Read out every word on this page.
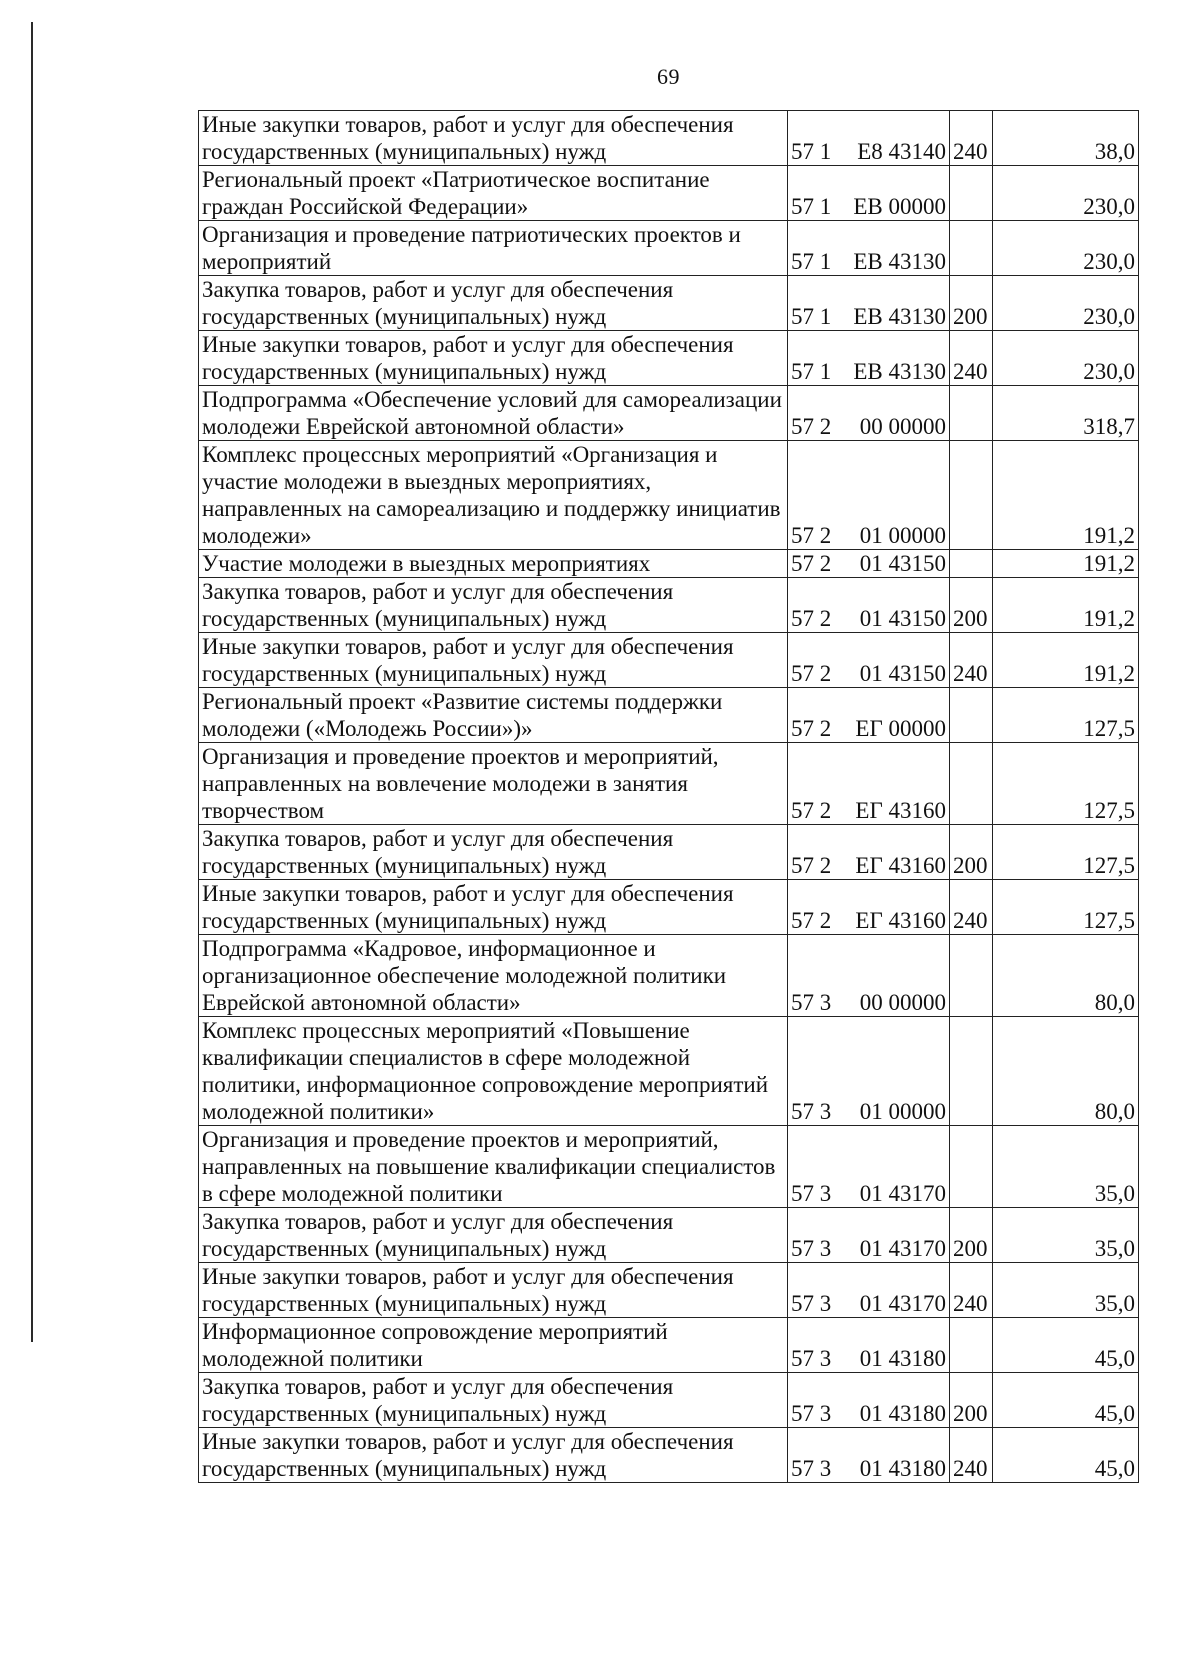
69
Иные закупки товаров, работ и услуг для обеспечения государственных (муниципальных) нужд	57 1 Е8 43140	240	38,0
Региональный проект «Патриотическое воспитание граждан Российской Федерации»	57 1 ЕВ 00000		230,0
Организация и проведение патриотических проектов и мероприятий	57 1 ЕВ 43130		230,0
Закупка товаров, работ и услуг для обеспечения государственных (муниципальных) нужд	57 1 ЕВ 43130	200	230,0
Иные закупки товаров, работ и услуг для обеспечения государственных (муниципальных) нужд	57 1 ЕВ 43130	240	230,0
Подпрограмма «Обеспечение условий для самореализации молодежи Еврейской автономной области»	57 2 00 00000		318,7
Комплекс процессных мероприятий «Организация и участие молодежи в выездных мероприятиях, направленных на самореализацию и поддержку инициатив молодежи»	57 2 01 00000		191,2
Участие молодежи в выездных мероприятиях	57 2 01 43150		191,2
Закупка товаров, работ и услуг для обеспечения государственных (муниципальных) нужд	57 2 01 43150	200	191,2
Иные закупки товаров, работ и услуг для обеспечения государственных (муниципальных) нужд	57 2 01 43150	240	191,2
Региональный проект «Развитие системы поддержки молодежи («Молодежь России»)»	57 2 ЕГ 00000		127,5
Организация и проведение проектов и мероприятий, направленных на вовлечение молодежи в занятия творчеством	57 2 ЕГ 43160		127,5
Закупка товаров, работ и услуг для обеспечения государственных (муниципальных) нужд	57 2 ЕГ 43160	200	127,5
Иные закупки товаров, работ и услуг для обеспечения государственных (муниципальных) нужд	57 2 ЕГ 43160	240	127,5
Подпрограмма «Кадровое, информационное и организационное обеспечение молодежной политики Еврейской автономной области»	57 3 00 00000		80,0
Комплекс процессных мероприятий «Повышение квалификации специалистов в сфере молодежной политики, информационное сопровождение мероприятий молодежной политики»	57 3 01 00000		80,0
Организация и проведение проектов и мероприятий, направленных на повышение квалификации специалистов в сфере молодежной политики	57 3 01 43170		35,0
Закупка товаров, работ и услуг для обеспечения государственных (муниципальных) нужд	57 3 01 43170	200	35,0
Иные закупки товаров, работ и услуг для обеспечения государственных (муниципальных) нужд	57 3 01 43170	240	35,0
Информационное сопровождение мероприятий молодежной политики	57 3 01 43180		45,0
Закупка товаров, работ и услуг для обеспечения государственных (муниципальных) нужд	57 3 01 43180	200	45,0
Иные закупки товаров, работ и услуг для обеспечения государственных (муниципальных) нужд	57 3 01 43180	240	45,0
